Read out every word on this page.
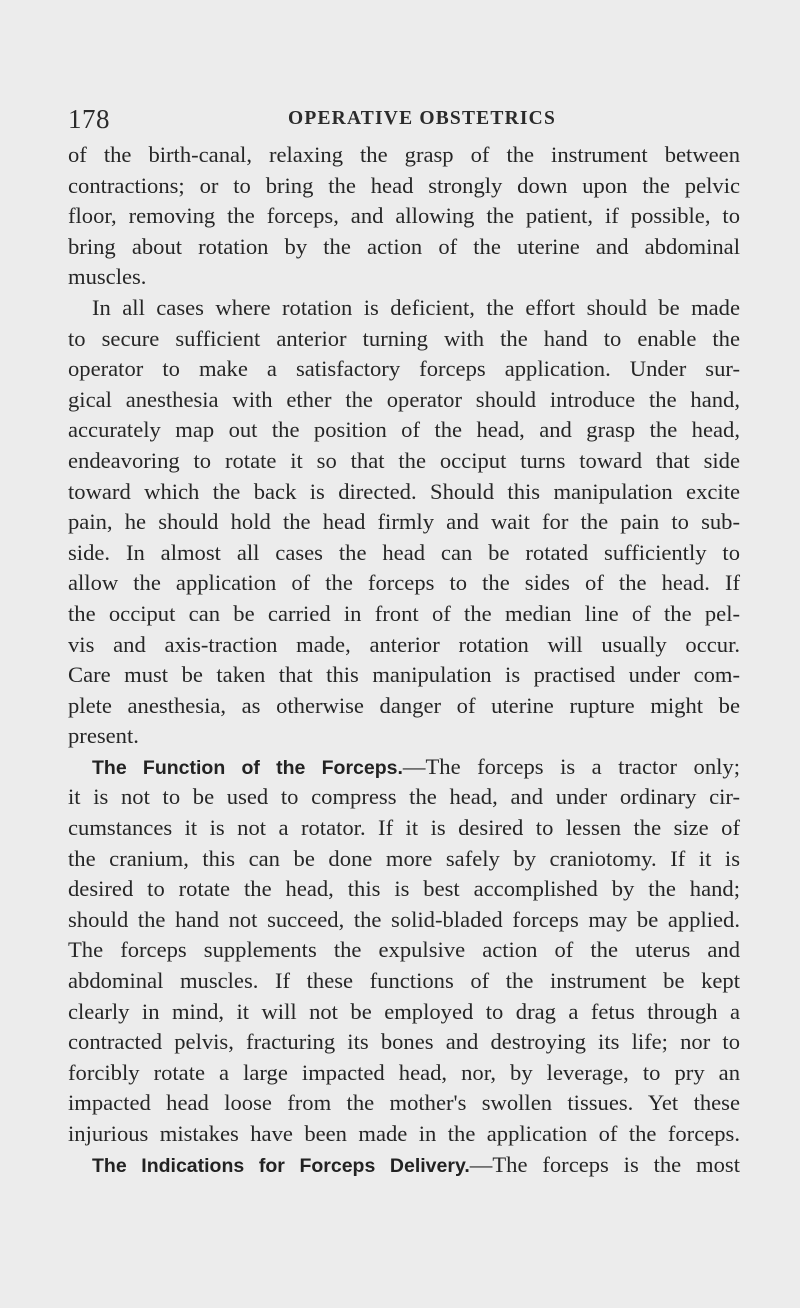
178	OPERATIVE OBSTETRICS
of the birth-canal, relaxing the grasp of the instrument between
contractions; or to bring the head strongly down upon the pelvic
floor, removing the forceps, and allowing the patient, if possible, to
bring about rotation by the action of the uterine and abdominal
muscles.
In all cases where rotation is deficient, the effort should be made
to secure sufficient anterior turning with the hand to enable the
operator to make a satisfactory forceps application. Under sur-
gical anesthesia with ether the operator should introduce the hand,
accurately map out the position of the head, and grasp the head,
endeavoring to rotate it so that the occiput turns toward that side
toward which the back is directed. Should this manipulation excite
pain, he should hold the head firmly and wait for the pain to sub-
side. In almost all cases the head can be rotated sufficiently to
allow the application of the forceps to the sides of the head. If
the occiput can be carried in front of the median line of the pel-
vis and axis-traction made, anterior rotation will usually occur.
Care must be taken that this manipulation is practised under com-
plete anesthesia, as otherwise danger of uterine rupture might be
present.
The Function of the Forceps.—The forceps is a tractor only;
it is not to be used to compress the head, and under ordinary cir-
cumstances it is not a rotator. If it is desired to lessen the size of
the cranium, this can be done more safely by craniotomy. If it is
desired to rotate the head, this is best accomplished by the hand;
should the hand not succeed, the solid-bladed forceps may be applied.
The forceps supplements the expulsive action of the uterus and
abdominal muscles. If these functions of the instrument be kept
clearly in mind, it will not be employed to drag a fetus through a
contracted pelvis, fracturing its bones and destroying its life; nor to
forcibly rotate a large impacted head, nor, by leverage, to pry an
impacted head loose from the mother's swollen tissues. Yet these
injurious mistakes have been made in the application of the forceps.
The Indications for Forceps Delivery.—The forceps is the most
